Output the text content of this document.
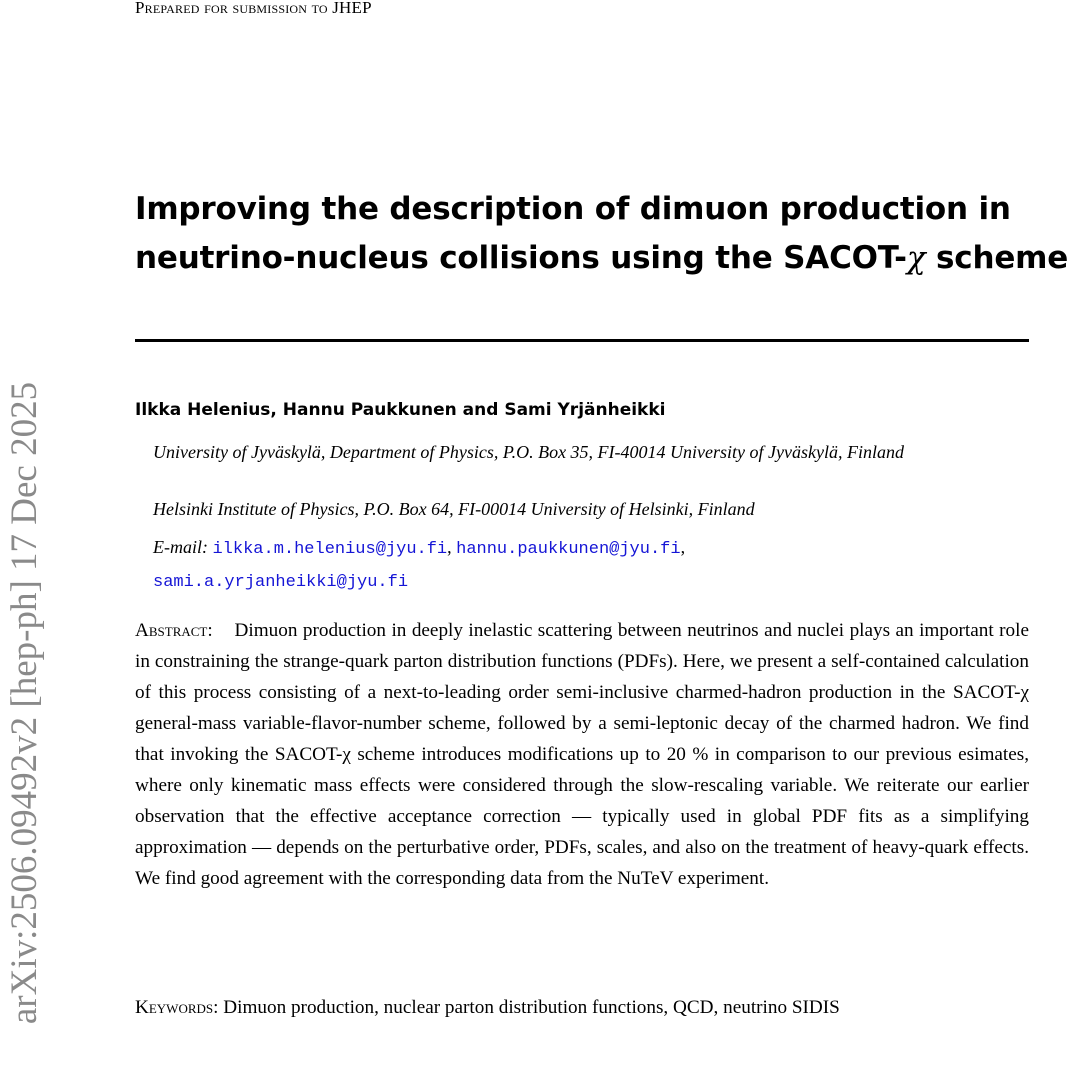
Prepared for submission to JHEP
arXiv:2506.09492v2 [hep-ph] 17 Dec 2025
Improving the description of dimuon production in
neutrino-nucleus collisions using the SACOT-χ scheme
Ilkka Helenius, Hannu Paukkunen and Sami Yrjänheikki
University of Jyväskylä, Department of Physics, P.O. Box 35, FI-40014 University of Jyväskylä, Finland
Helsinki Institute of Physics, P.O. Box 64, FI-00014 University of Helsinki, Finland
E-mail: ilkka.m.helenius@jyu.fi, hannu.paukkunen@jyu.fi,
sami.a.yrjanheikki@jyu.fi
Abstract: Dimuon production in deeply inelastic scattering between neutrinos and nuclei plays an important role in constraining the strange-quark parton distribution functions (PDFs). Here, we present a self-contained calculation of this process consisting of a next-to-leading order semi-inclusive charmed-hadron production in the SACOT-χ general-mass variable-flavor-number scheme, followed by a semi-leptonic decay of the charmed hadron. We find that invoking the SACOT-χ scheme introduces modifications up to 20 % in comparison to our previous esimates, where only kinematic mass effects were considered through the slow-rescaling variable. We reiterate our earlier observation that the effective acceptance correction — typically used in global PDF fits as a simplifying approximation — depends on the perturbative order, PDFs, scales, and also on the treatment of heavy-quark effects. We find good agreement with the corresponding data from the NuTeV experiment.
Keywords: Dimuon production, nuclear parton distribution functions, QCD, neutrino SIDIS
